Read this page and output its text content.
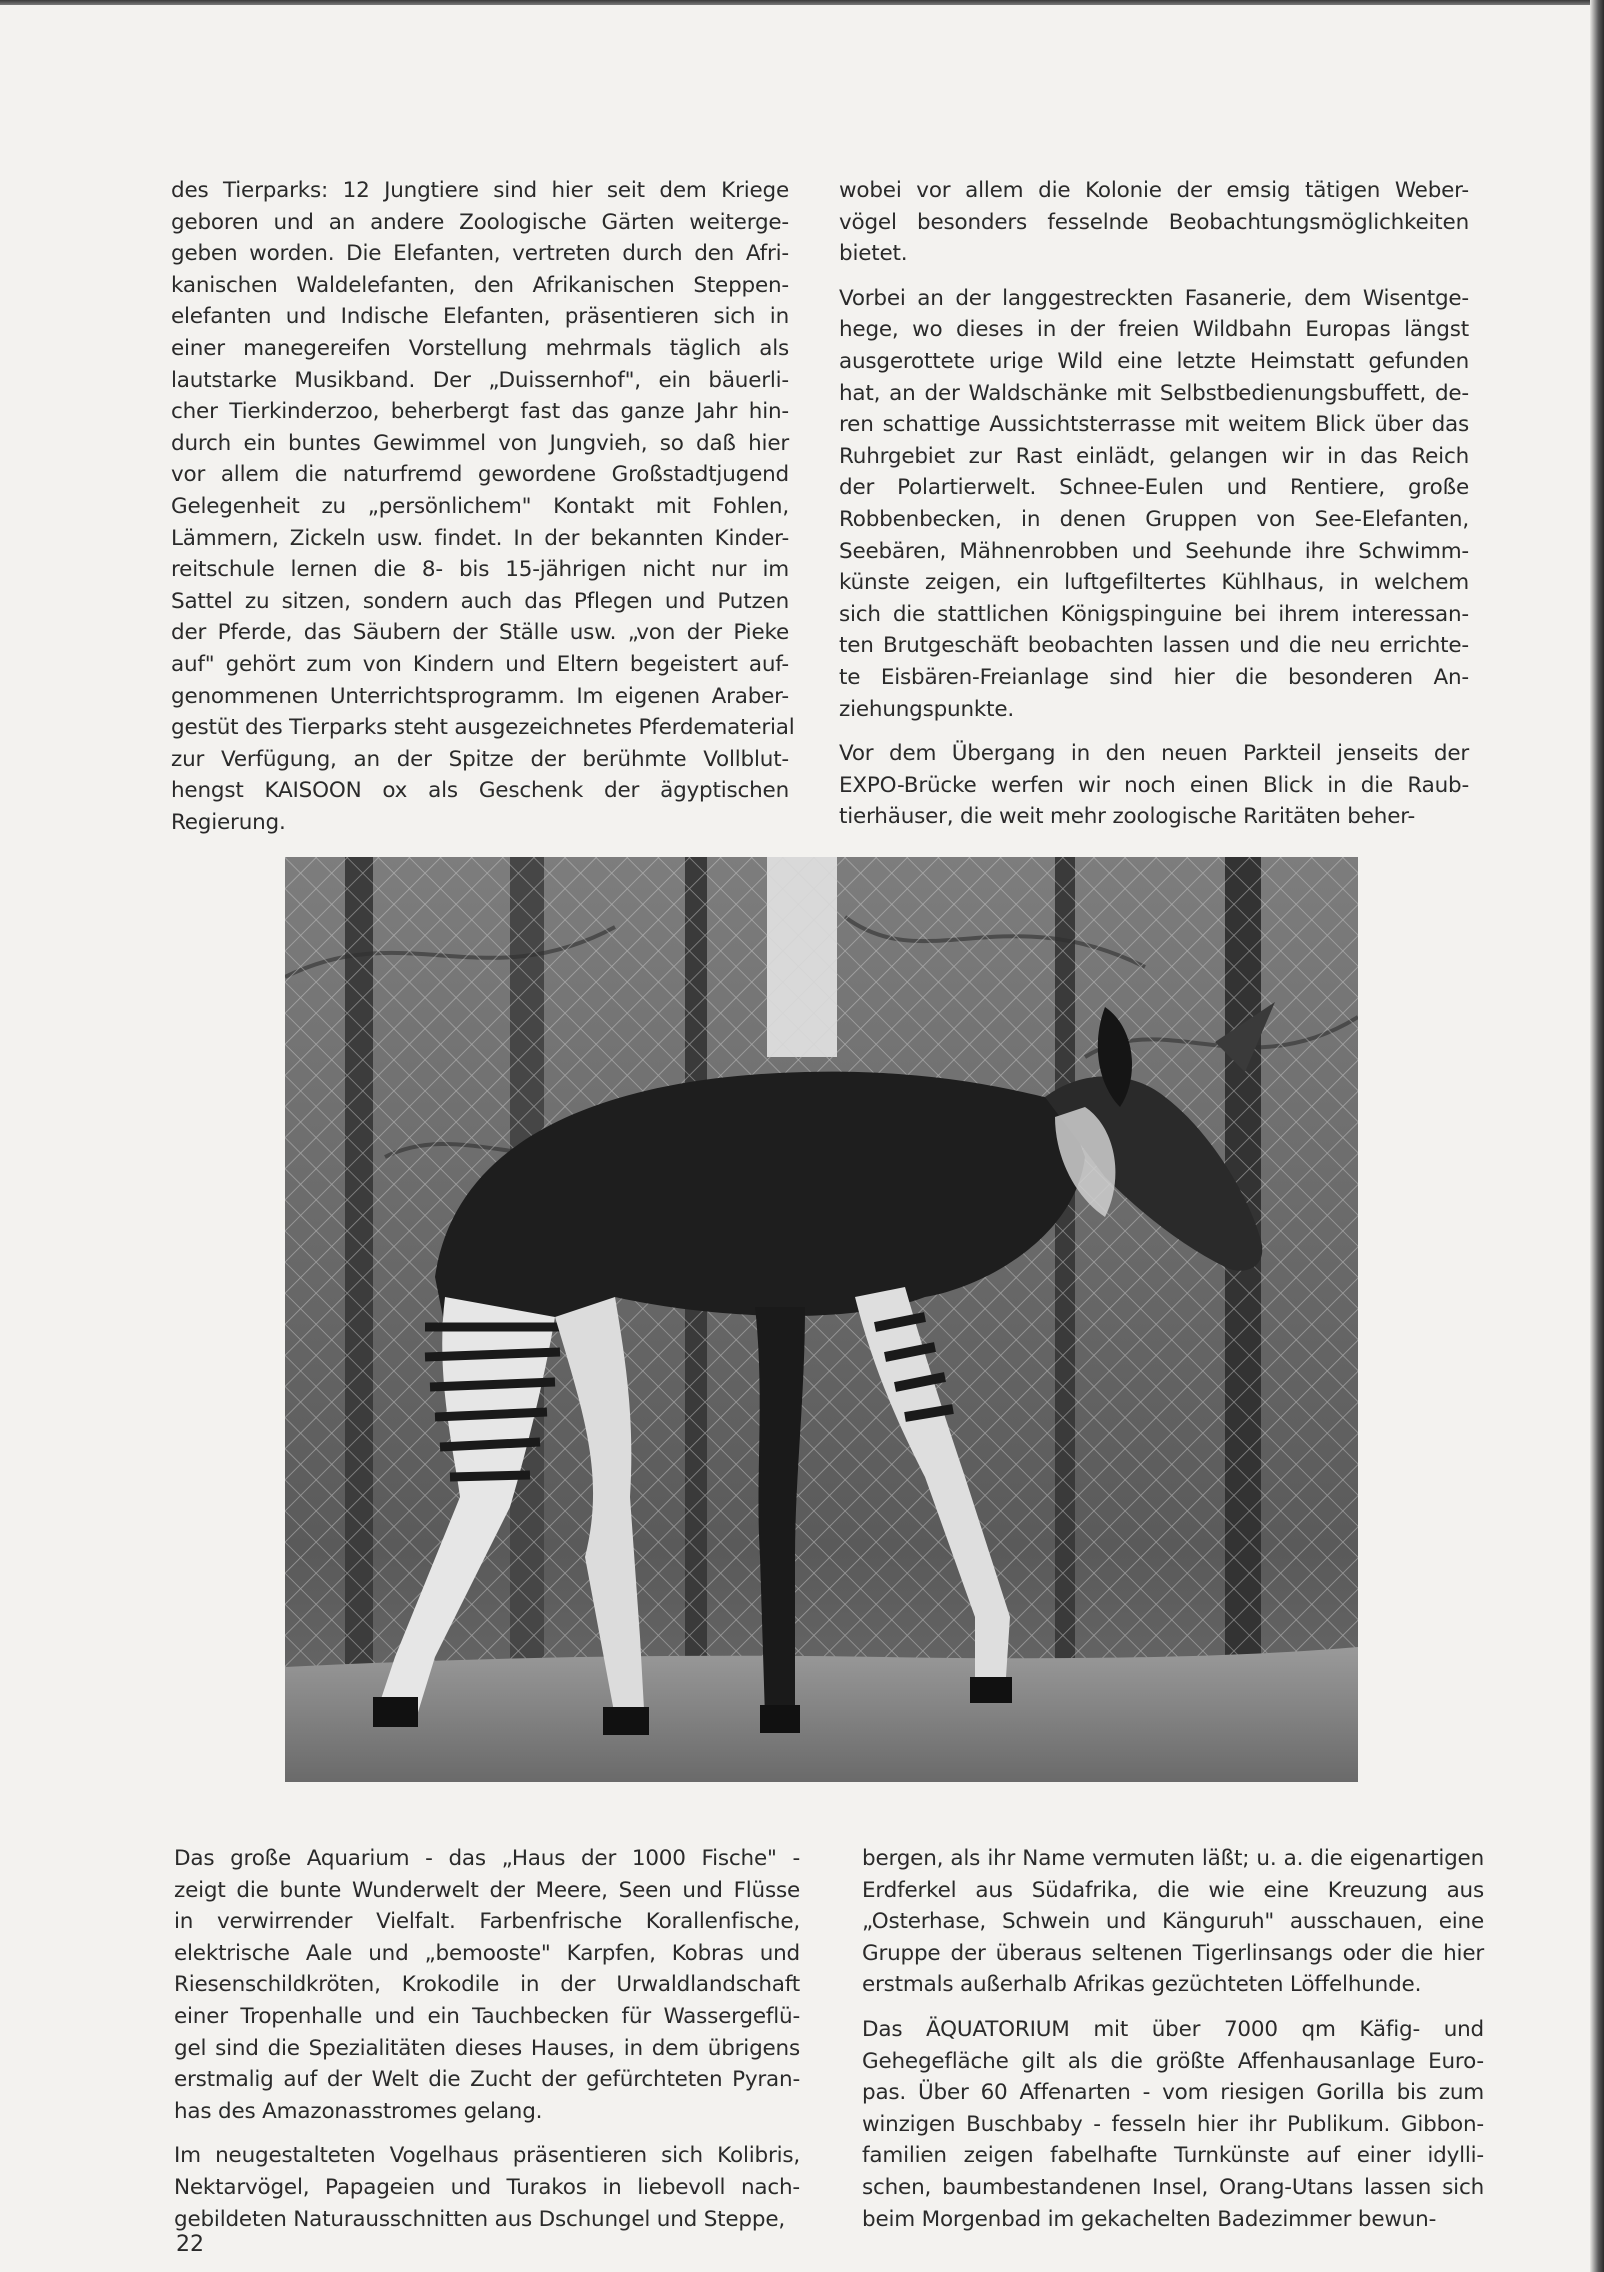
des Tierparks: 12 Jungtiere sind hier seit dem Kriege
geboren und an andere Zoologische Gärten weiterge-
geben worden. Die Elefanten, vertreten durch den Afri-
kanischen Waldelefanten, den Afrikanischen Steppen-
elefanten und Indische Elefanten, präsentieren sich in
einer manegereifen Vorstellung mehrmals täglich als
lautstarke Musikband. Der „Duissernhof", ein bäuerli-
cher Tierkinderzoo, beherbergt fast das ganze Jahr hin-
durch ein buntes Gewimmel von Jungvieh, so daß hier
vor allem die naturfremd gewordene Großstadtjugend
Gelegenheit zu „persönlichem" Kontakt mit Fohlen,
Lämmern, Zickeln usw. findet. In der bekannten Kinder-
reitschule lernen die 8- bis 15-jährigen nicht nur im
Sattel zu sitzen, sondern auch das Pflegen und Putzen
der Pferde, das Säubern der Ställe usw. „von der Pieke
auf" gehört zum von Kindern und Eltern begeistert auf-
genommenen Unterrichtsprogramm. Im eigenen Araber-
gestüt des Tierparks steht ausgezeichnetes Pferdematerial
zur Verfügung, an der Spitze der berühmte Vollblut-
hengst KAISOON ox als Geschenk der ägyptischen
Regierung.

wobei vor allem die Kolonie der emsig tätigen Weber-
vögel besonders fesselnde Beobachtungsmöglichkeiten
bietet.

Vorbei an der langgestreckten Fasanerie, dem Wisentge-
hege, wo dieses in der freien Wildbahn Europas längst
ausgerottete urige Wild eine letzte Heimstatt gefunden
hat, an der Waldschänke mit Selbstbedienungsbuffett, de-
ren schattige Aussichtsterrasse mit weitem Blick über das
Ruhrgebiet zur Rast einlädt, gelangen wir in das Reich
der Polartierwelt. Schnee-Eulen und Rentiere, große
Robbenbecken, in denen Gruppen von See-Elefanten,
Seebären, Mähnenrobben und Seehunde ihre Schwimm-
künste zeigen, ein luftgefiltertes Kühlhaus, in welchem
sich die stattlichen Königspinguine bei ihrem interessan-
ten Brutgeschäft beobachten lassen und die neu errichte-
te Eisbären-Freianlage sind hier die besonderen An-
ziehungspunkte.

Vor dem Übergang in den neuen Parkteil jenseits der
EXPO-Brücke werfen wir noch einen Blick in die Raub-
tierhäuser, die weit mehr zoologische Raritäten beher-

Das große Aquarium - das „Haus der 1000 Fische" -
zeigt die bunte Wunderwelt der Meere, Seen und Flüsse
in verwirrender Vielfalt. Farbenfrische Korallenfische,
elektrische Aale und „bemooste" Karpfen, Kobras und
Riesenschildkröten, Krokodile in der Urwaldlandschaft
einer Tropenhalle und ein Tauchbecken für Wassergeflü-
gel sind die Spezialitäten dieses Hauses, in dem übrigens
erstmalig auf der Welt die Zucht der gefürchteten Pyran-
has des Amazonasstromes gelang.

Im neugestalteten Vogelhaus präsentieren sich Kolibris,
Nektarvögel, Papageien und Turakos in liebevoll nach-
gebildeten Naturausschnitten aus Dschungel und Steppe,

bergen, als ihr Name vermuten läßt; u. a. die eigenartigen
Erdferkel aus Südafrika, die wie eine Kreuzung aus
„Osterhase, Schwein und Känguruh" ausschauen, eine
Gruppe der überaus seltenen Tigerlinsangs oder die hier
erstmals außerhalb Afrikas gezüchteten Löffelhunde.

Das ÄQUATORIUM mit über 7000 qm Käfig- und
Gehegefläche gilt als die größte Affenhausanlage Euro-
pas. Über 60 Affenarten - vom riesigen Gorilla bis zum
winzigen Buschbaby - fesseln hier ihr Publikum. Gibbon-
familien zeigen fabelhafte Turnkünste auf einer idylli-
schen, baumbestandenen Insel, Orang-Utans lassen sich
beim Morgenbad im gekachelten Badezimmer bewun-

22
